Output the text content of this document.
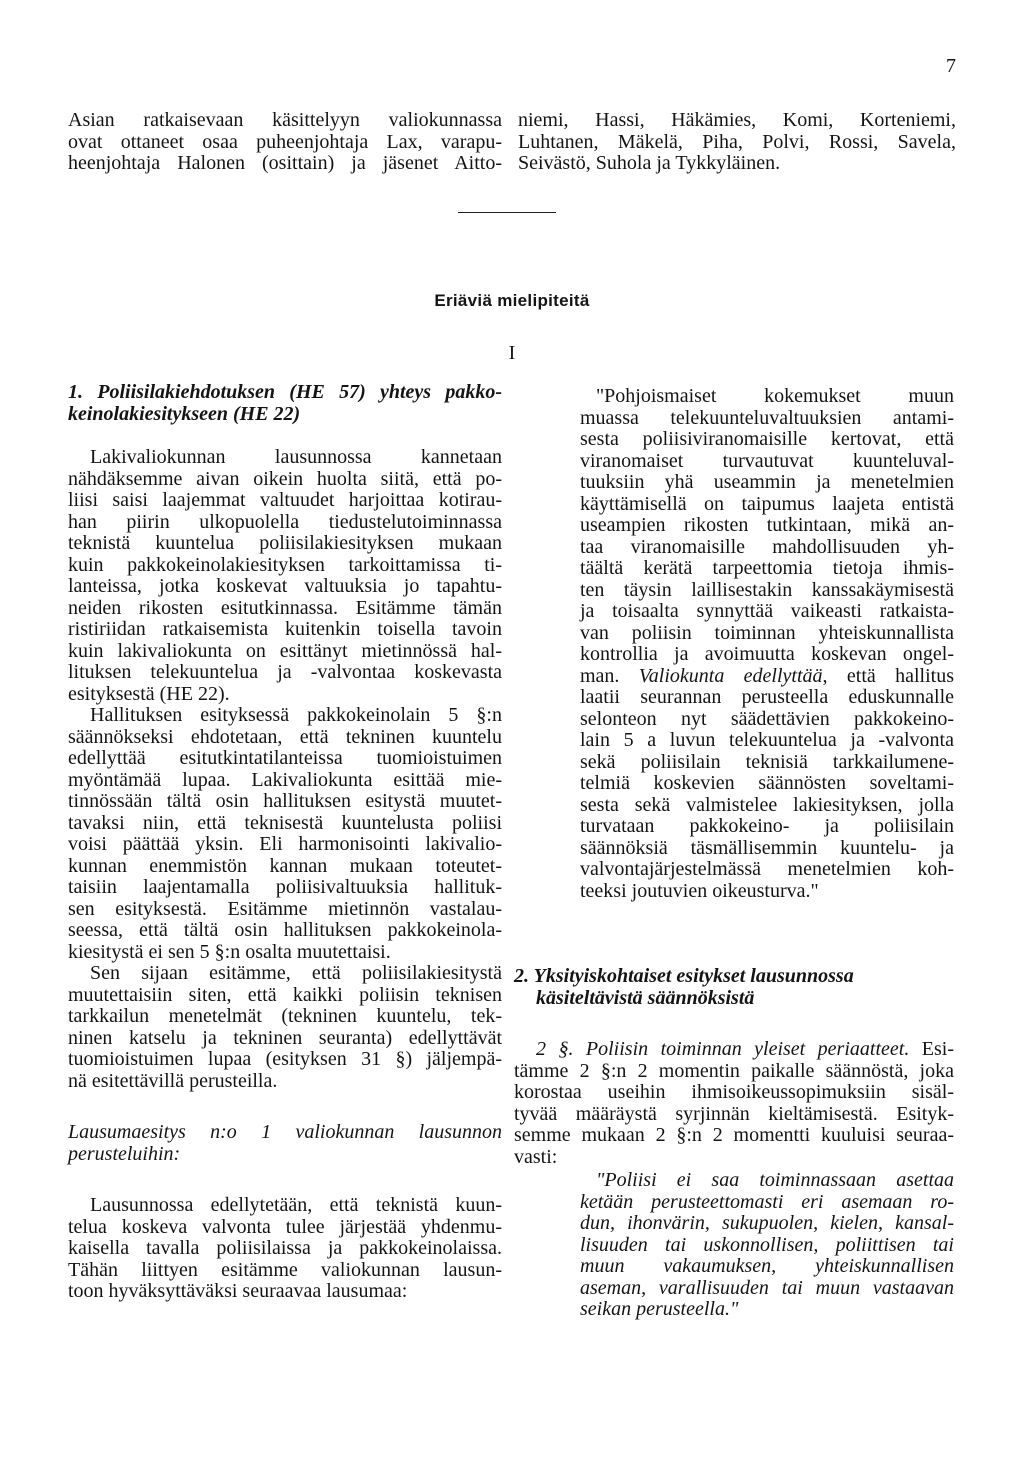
7
Asian ratkaisevaan käsittelyyn valiokunnassa
ovat ottaneet osaa puheenjohtaja Lax, varapu-
heenjohtaja Halonen (osittain) ja jäsenet Aitto-
niemi, Hassi, Häkämies, Komi, Korteniemi,
Luhtanen, Mäkelä, Piha, Polvi, Rossi, Savela,
Seivästö, Suhola ja Tykkyläinen.
Eriäviä mielipiteitä
I
1. Poliisilakiehdotuksen (HE 57) yhteys pakko-
keinolakiesitykseen (HE 22)
Lakivaliokunnan lausunnossa kannetaan
nähdäksemme aivan oikein huolta siitä, että po-
liisi saisi laajemmat valtuudet harjoittaa kotirau-
han piirin ulkopuolella tiedustelutoiminnassa
teknistä kuuntelua poliisilakiesityksen mukaan
kuin pakkokeinolakiesityksen tarkoittamissa ti-
lanteissa, jotka koskevat valtuuksia jo tapahtu-
neiden rikosten esitutkinnassa. Esitämme tämän
ristiriidan ratkaisemista kuitenkin toisella tavoin
kuin lakivaliokunta on esittänyt mietinnössä hal-
lituksen telekuuntelua ja -valvontaa koskevasta
esityksestä (HE 22).
Hallituksen esityksessä pakkokeinolain 5 §:n
säännökseksi ehdotetaan, että tekninen kuuntelu
edellyttää esitutkintatilanteissa tuomioistuimen
myöntämää lupaa. Lakivaliokunta esittää mie-
tinnössään tältä osin hallituksen esitystä muutet-
tavaksi niin, että teknisestä kuuntelusta poliisi
voisi päättää yksin. Eli harmonisointi lakivalio-
kunnan enemmistön kannan mukaan toteutet-
taisiin laajentamalla poliisivaltuuksia hallituk-
sen esityksestä. Esitämme mietinnön vastalau-
seessa, että tältä osin hallituksen pakkokeinola-
kiesitystä ei sen 5 §:n osalta muutettaisi.
Sen sijaan esitämme, että poliisilakiesitystä
muutettaisiin siten, että kaikki poliisin teknisen
tarkkailun menetelmät (tekninen kuuntelu, tek-
ninen katselu ja tekninen seuranta) edellyttävät
tuomioistuimen lupaa (esityksen 31 §) jäljempä-
nä esitettävillä perusteilla.
Lausumaesitys n:o 1 valiokunnan lausunnon
perusteluihin:
Lausunnossa edellytetään, että teknistä kuun-
telua koskeva valvonta tulee järjestää yhdenmu-
kaisella tavalla poliisilaissa ja pakkokeinolaissa.
Tähän liittyen esitämme valiokunnan lausun-
toon hyväksyttäväksi seuraavaa lausumaa:
"Pohjoismaiset kokemukset muun
muassa telekuunteluvaltuuksien antami-
sesta poliisiviranomaisille kertovat, että
viranomaiset turvautuvat kuunteluval-
tuuksiin yhä useammin ja menetelmien
käyttämisellä on taipumus laajeta entistä
useampien rikosten tutkintaan, mikä an-
taa viranomaisille mahdollisuuden yh-
täältä kerätä tarpeettomia tietoja ihmis-
ten täysin laillisestakin kanssakäymisestä
ja toisaalta synnyttää vaikeasti ratkaista-
van poliisin toiminnan yhteiskunnallista
kontrollia ja avoimuutta koskevan ongel-
man. Valiokunta edellyttää, että hallitus
laatii seurannan perusteella eduskunnalle
selonteon nyt säädettävien pakkokeino-
lain 5 a luvun telekuuntelua ja -valvonta
sekä poliisilain teknisiä tarkkailumene-
telmiä koskevien säännösten soveltami-
sesta sekä valmistelee lakiesityksen, jolla
turvataan pakkokeino- ja poliisilain
säännöksiä täsmällisemmin kuuntelu- ja
valvontajärjestelmässä menetelmien koh-
teeksi joutuvien oikeusturva."
2. Yksityiskohtaiset esitykset lausunnossa
käsiteltävistä säännöksistä
2 §. Poliisin toiminnan yleiset periaatteet. Esi-
tämme 2 §:n 2 momentin paikalle säännöstä, joka
korostaa useihin ihmisoikeussopimuksiin sisäl-
tyvää määräystä syrjinnän kieltämisestä. Esityk-
semme mukaan 2 §:n 2 momentti kuuluisi seuraa-
vasti:
"Poliisi ei saa toiminnassaan asettaa
ketään perusteettomasti eri asemaan ro-
dun, ihonvärin, sukupuolen, kielen, kansal-
lisuuden tai uskonnollisen, poliittisen tai
muun vakaumuksen, yhteiskunnallisen
aseman, varallisuuden tai muun vastaavan
seikan perusteella."
